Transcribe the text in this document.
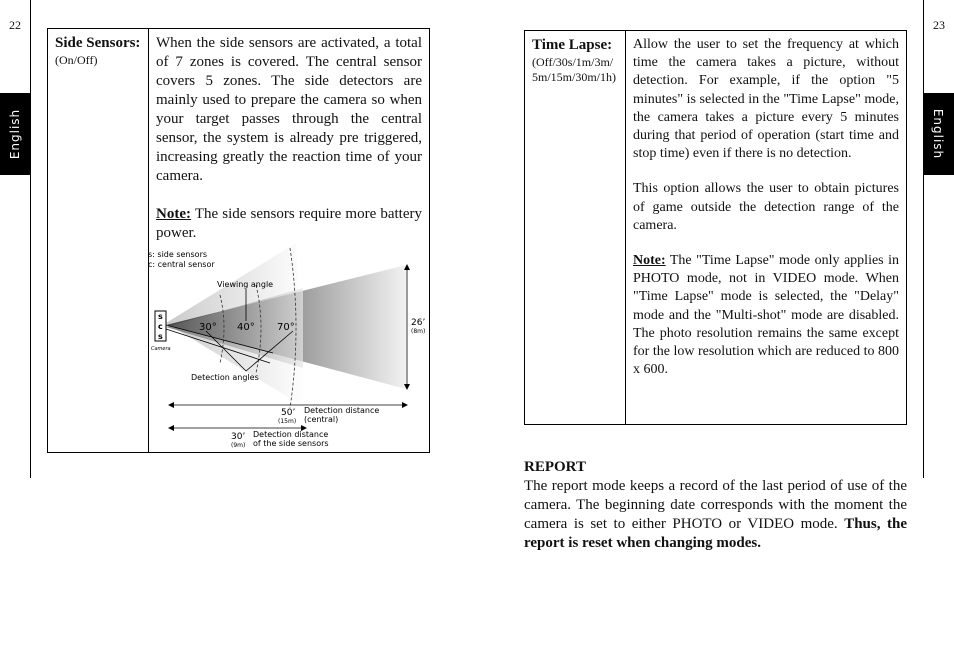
22
English
Side Sensors:
(On/Off)

When the side sensors are activated, a total of 7 zones is covered. The central sensor covers 5 zones. The side detectors are mainly used to prepare the camera so when your target passes through the central sensor, the system is already pre triggered, increasing greatly the reaction time of your camera.

Note: The side sensors require more battery power.

s: side sensors
c: central sensor
Viewing angle
s
c
s
Camera
30° 40° 70°
Detection angles
26’
(8m)
50’
(15m)
Detection distance
(central)
30’
(9m)
Detection distance
of the side sensors
23
English
Time Lapse:
(Off/30s/1m/3m/ 5m/15m/30m/1h)

Allow the user to set the frequency at which time the camera takes a picture, without detection. For example, if the option "5 minutes" is selected in the "Time Lapse" mode, the camera takes a picture every 5 minutes during that period of operation (start time and stop time) even if there is no detection.

This option allows the user to obtain pictures of game outside the detection range of the camera.

Note: The "Time Lapse" mode only applies in PHOTO mode, not in VIDEO mode. When "Time Lapse" mode is selected, the "Delay" mode and the "Multi-shot" mode are disabled. The photo resolution remains the same except for the low resolution which are reduced to 800 x 600.

REPORT

The report mode keeps a record of the last period of use of the camera. The beginning date corresponds with the moment the camera is set to either PHOTO or VIDEO mode. Thus, the report is reset when changing modes.
